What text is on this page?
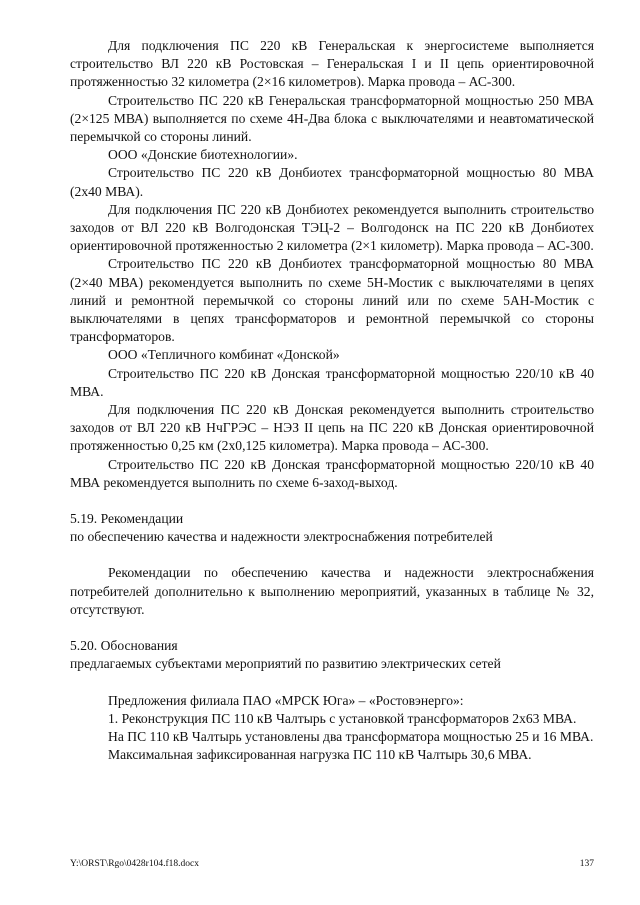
Для подключения ПС 220 кВ Генеральская к энергосистеме выполняется строительство ВЛ 220 кВ Ростовская – Генеральская I и II цепь ориентировочной протяженностью 32 километра (2×16 километров). Марка провода – АС-300.

Строительство ПС 220 кВ Генеральская трансформаторной мощностью 250 МВА (2×125 МВА) выполняется по схеме 4Н-Два блока с выключателями и неавтоматической перемычкой со стороны линий.

ООО «Донские биотехнологии».

Строительство ПС 220 кВ Донбиотех трансформаторной мощностью 80 МВА (2х40 МВА).

Для подключения ПС 220 кВ Донбиотех рекомендуется выполнить строительство заходов от ВЛ 220 кВ Волгодонская ТЭЦ-2 – Волгодонск на ПС 220 кВ Донбиотех ориентировочной протяженностью 2 километра (2×1 километр). Марка провода – АС-300.

Строительство ПС 220 кВ Донбиотех трансформаторной мощностью 80 МВА (2×40 МВА) рекомендуется выполнить по схеме 5Н-Мостик с выключателями в цепях линий и ремонтной перемычкой со стороны линий или по схеме 5АН-Мостик с выключателями в цепях трансформаторов и ремонтной перемычкой со стороны трансформаторов.

ООО «Тепличного комбинат «Донской»

Строительство ПС 220 кВ Донская трансформаторной мощностью 220/10 кВ 40 МВА.

Для подключения ПС 220 кВ Донская рекомендуется выполнить строительство заходов от ВЛ 220 кВ НчГРЭС – НЭЗ II цепь на ПС 220 кВ Донская ориентировочной протяженностью 0,25 км (2х0,125 километра). Марка провода – АС-300.

Строительство ПС 220 кВ Донская трансформаторной мощностью 220/10 кВ 40 МВА рекомендуется выполнить по схеме 6-заход-выход.

5.19. Рекомендации

по обеспечению качества и надежности электроснабжения потребителей

Рекомендации по обеспечению качества и надежности электроснабжения потребителей дополнительно к выполнению мероприятий, указанных в таблице № 32, отсутствуют.

5.20. Обоснования

предлагаемых субъектами мероприятий по развитию электрических сетей

Предложения филиала ПАО «МРСК Юга» – «Ростовэнерго»:

1. Реконструкция ПС 110 кВ Чалтырь с установкой трансформаторов 2х63 МВА.

На ПС 110 кВ Чалтырь установлены два трансформатора мощностью 25 и 16 МВА.

Максимальная зафиксированная нагрузка ПС 110 кВ Чалтырь 30,6 МВА.

Y:\ORST\Rgo\0428r104.f18.docx	137
